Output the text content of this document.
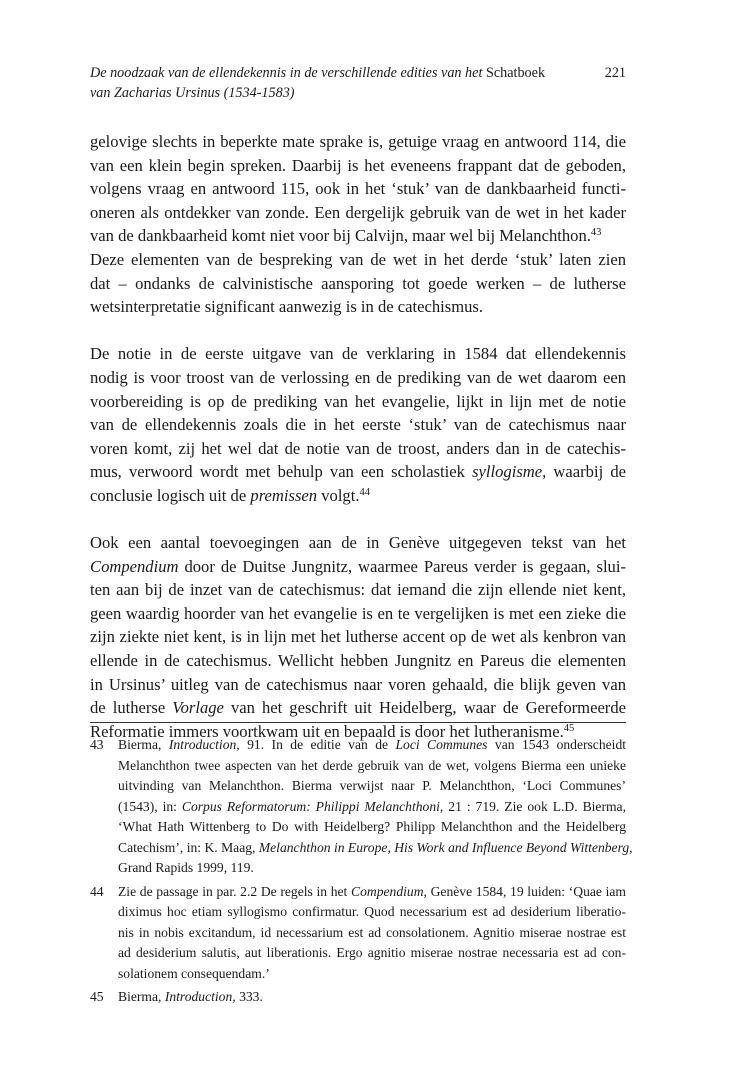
De noodzaak van de ellendekennis in de verschillende edities van het Schatboek
van Zacharias Ursinus (1534-1583)
221
gelovige slechts in beperkte mate sprake is, getuige vraag en antwoord 114, die
van een klein begin spreken. Daarbij is het eveneens frappant dat de geboden,
volgens vraag en antwoord 115, ook in het ‘stuk’ van de dankbaarheid functi-
oneren als ontdekker van zonde. Een dergelijk gebruik van de wet in het kader
van de dankbaarheid komt niet voor bij Calvijn, maar wel bij Melanchthon.$^{43}$
Deze elementen van de bespreking van de wet in het derde ‘stuk’ laten zien
dat – ondanks de calvinistische aansporing tot goede werken – de lutherse
wetsinterpretatie significant aanwezig is in de catechismus.
De notie in de eerste uitgave van de verklaring in 1584 dat ellendekennis
nodig is voor troost van de verlossing en de prediking van de wet daarom een
voorbereiding is op de prediking van het evangelie, lijkt in lijn met de notie
van de ellendekennis zoals die in het eerste ‘stuk’ van de catechismus naar
voren komt, zij het wel dat de notie van de troost, anders dan in de catechis-
mus, verwoord wordt met behulp van een scholastiek syllogisme, waarbij de
conclusie logisch uit de premissen volgt.$^{44}$
Ook een aantal toevoegingen aan de in Genève uitgegeven tekst van het
Compendium door de Duitse Jungnitz, waarmee Pareus verder is gegaan, slui-
ten aan bij de inzet van de catechismus: dat iemand die zijn ellende niet kent,
geen waardig hoorder van het evangelie is en te vergelijken is met een zieke die
zijn ziekte niet kent, is in lijn met het lutherse accent op de wet als kenbron van
ellende in de catechismus. Wellicht hebben Jungnitz en Pareus die elementen
in Ursinus’ uitleg van de catechismus naar voren gehaald, die blijk geven van
de lutherse Vorlage van het geschrift uit Heidelberg, waar de Gereformeerde
Reformatie immers voortkwam uit en bepaald is door het lutheranisme.$^{45}$
43 Bierma, Introduction, 91. In de editie van de Loci Communes van 1543 onderscheidt
Melanchthon twee aspecten van het derde gebruik van de wet, volgens Bierma een unieke
uitvinding van Melanchthon. Bierma verwijst naar P. Melanchthon, ‘Loci Communes’
(1543), in: Corpus Reformatorum: Philippi Melanchthoni, 21 : 719. Zie ook L.D. Bierma,
‘What Hath Wittenberg to Do with Heidelberg? Philipp Melanchthon and the Heidelberg
Catechism’, in: K. Maag, Melanchthon in Europe, His Work and Influence Beyond Wittenberg,
Grand Rapids 1999, 119.
44 Zie de passage in par. 2.2 De regels in het Compendium, Genève 1584, 19 luiden: ‘Quae iam
diximus hoc etiam syllogismo confirmatur. Quod necessarium est ad desiderium liberatio-
nis in nobis excitandum, id necessarium est ad consolationem. Agnitio miserae nostrae est
ad desiderium salutis, aut liberationis. Ergo agnitio miserae nostrae necessaria est ad con-
solationem consequendam.’
45 Bierma, Introduction, 333.
